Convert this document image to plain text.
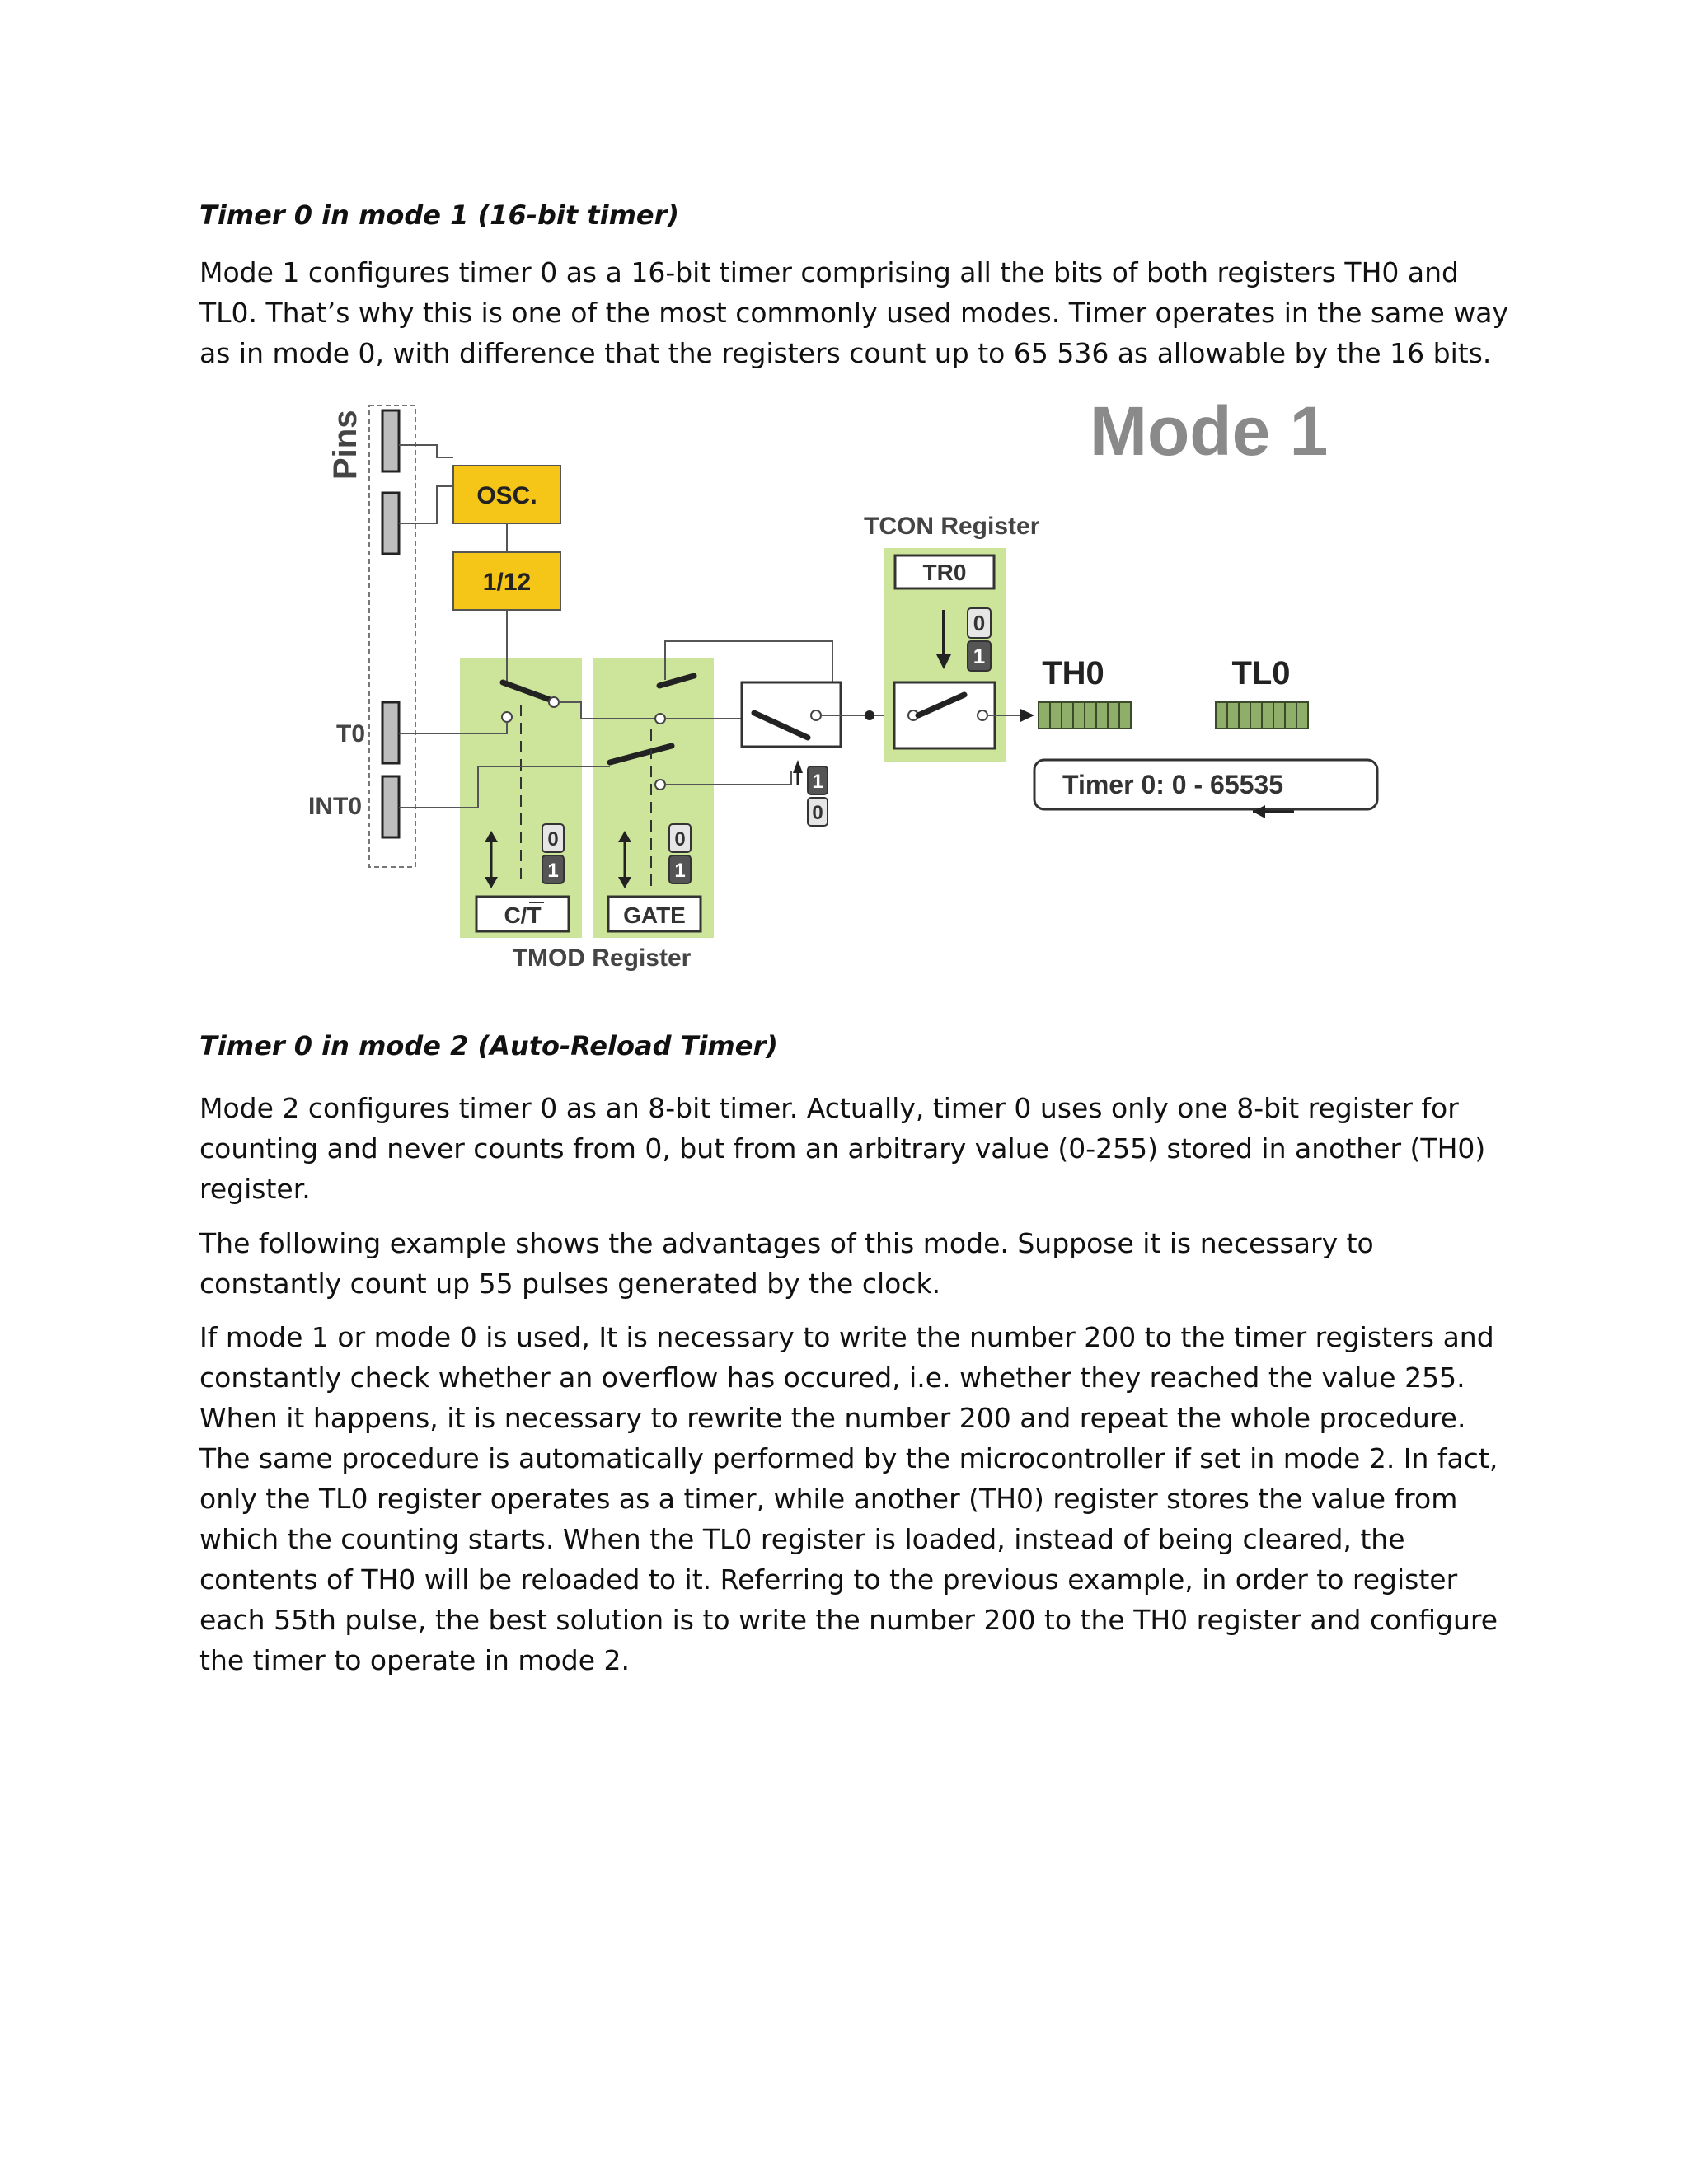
Timer 0 in mode 1 (16-bit timer)

Mode 1 configures timer 0 as a 16-bit timer comprising all the bits of both registers TH0 and TL0. That’s why this is one of the most commonly used modes. Timer operates in the same way as in mode 0, with difference that the registers count up to 65 536 as allowable by the 16 bits.

Mode 1
Pins
T0
INT0
OSC.
1/12
1
0
TCON Register
TR0
0
1 TH0	TL0
Timer 0: 0 - 65535
0
1
0
1
C/T	GATE
TMOD Register
Timer 0 in mode 2 (Auto-Reload Timer)

Mode 2 configures timer 0 as an 8-bit timer. Actually, timer 0 uses only one 8-bit register for counting and never counts from 0, but from an arbitrary value (0-255) stored in another (TH0) register.

The following example shows the advantages of this mode. Suppose it is necessary to constantly count up 55 pulses generated by the clock.

If mode 1 or mode 0 is used, It is necessary to write the number 200 to the timer registers and constantly check whether an overflow has occured, i.e. whether they reached the value 255. When it happens, it is necessary to rewrite the number 200 and repeat the whole procedure. The same procedure is automatically performed by the microcontroller if set in mode 2. In fact, only the TL0 register operates as a timer, while another (TH0) register stores the value from which the counting starts. When the TL0 register is loaded, instead of being cleared, the contents of TH0 will be reloaded to it. Referring to the previous example, in order to register each 55th pulse, the best solution is to write the number 200 to the TH0 register and configure the timer to operate in mode 2.
